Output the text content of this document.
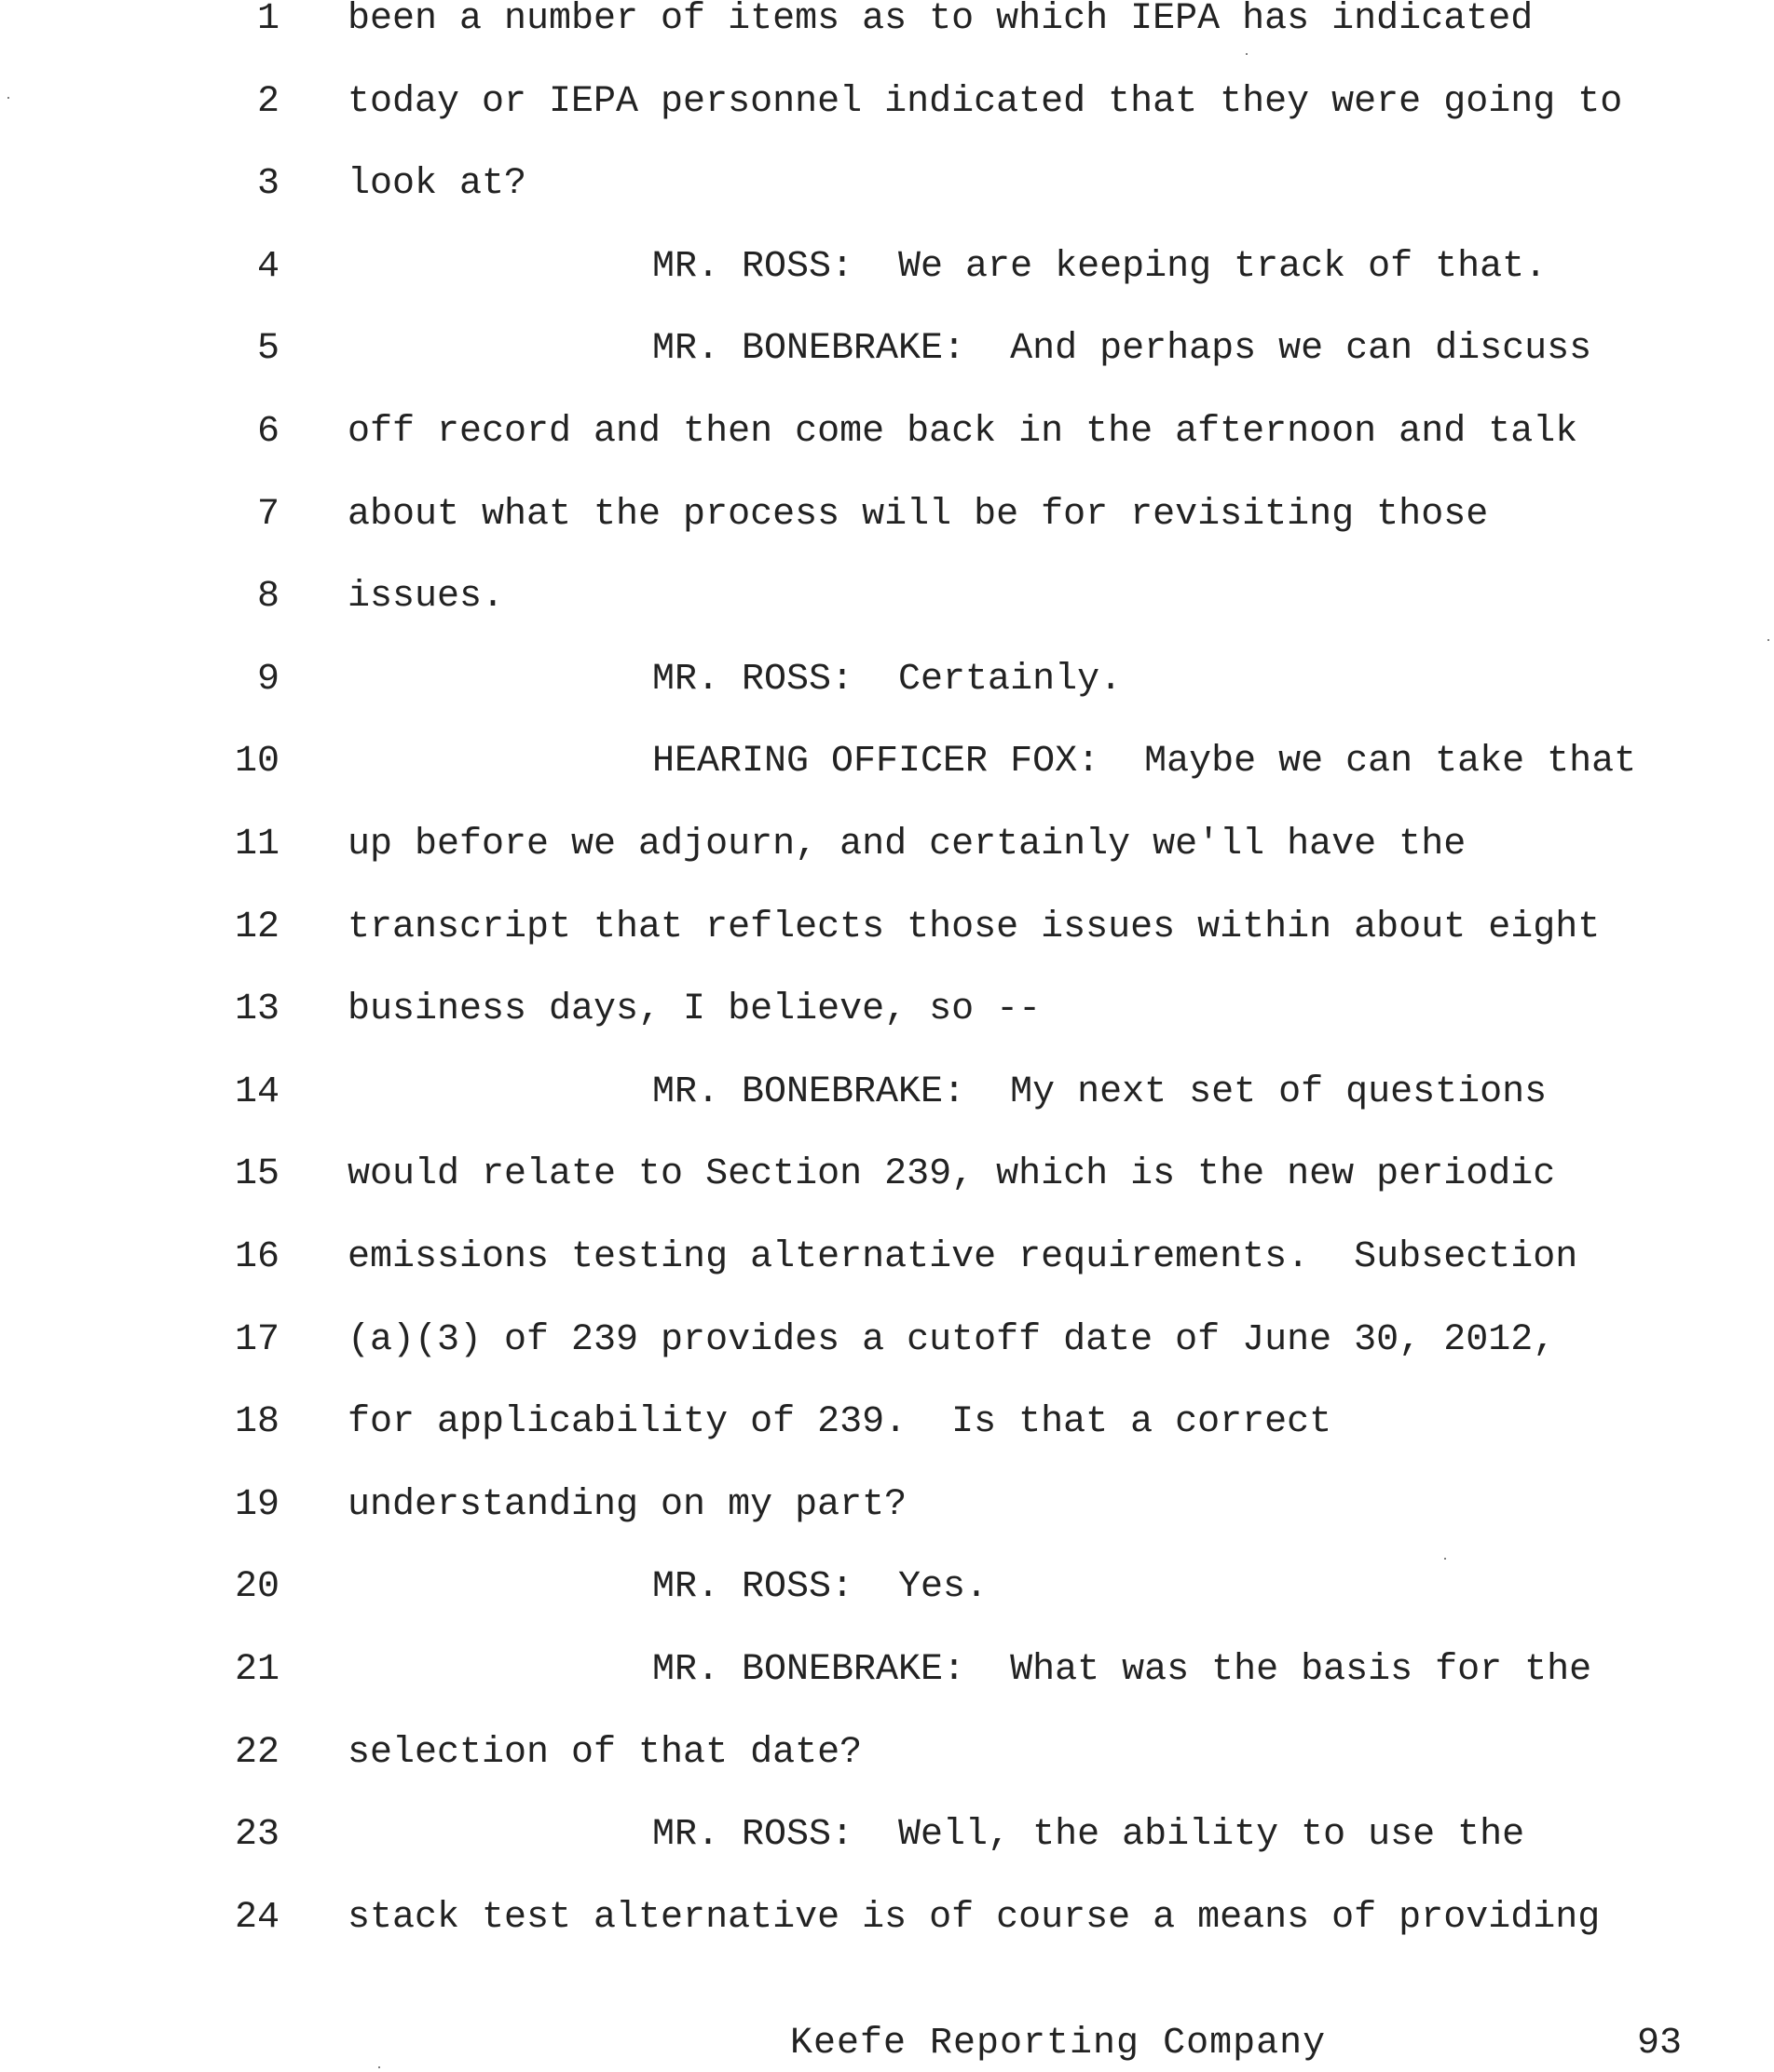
1 been a number of items as to which IEPA has indicated
2 today or IEPA personnel indicated that they were going to
3 look at?
4	MR. ROSS:  We are keeping track of that.
5	MR. BONEBRAKE:  And perhaps we can discuss
6 off record and then come back in the afternoon and talk
7 about what the process will be for revisiting those
8 issues.
9	MR. ROSS:  Certainly.
10	HEARING OFFICER FOX:  Maybe we can take that
11 up before we adjourn, and certainly we'll have the
12 transcript that reflects those issues within about eight
13 business days, I believe, so --
14	MR. BONEBRAKE:  My next set of questions
15 would relate to Section 239, which is the new periodic
16 emissions testing alternative requirements.  Subsection
17 (a)(3) of 239 provides a cutoff date of June 30, 2012,
18 for applicability of 239.  Is that a correct
19 understanding on my part?
20	MR. ROSS:  Yes.
21	MR. BONEBRAKE:  What was the basis for the
22 selection of that date?
23	MR. ROSS:  Well, the ability to use the
24 stack test alternative is of course a means of providing
Keefe Reporting Company	93
